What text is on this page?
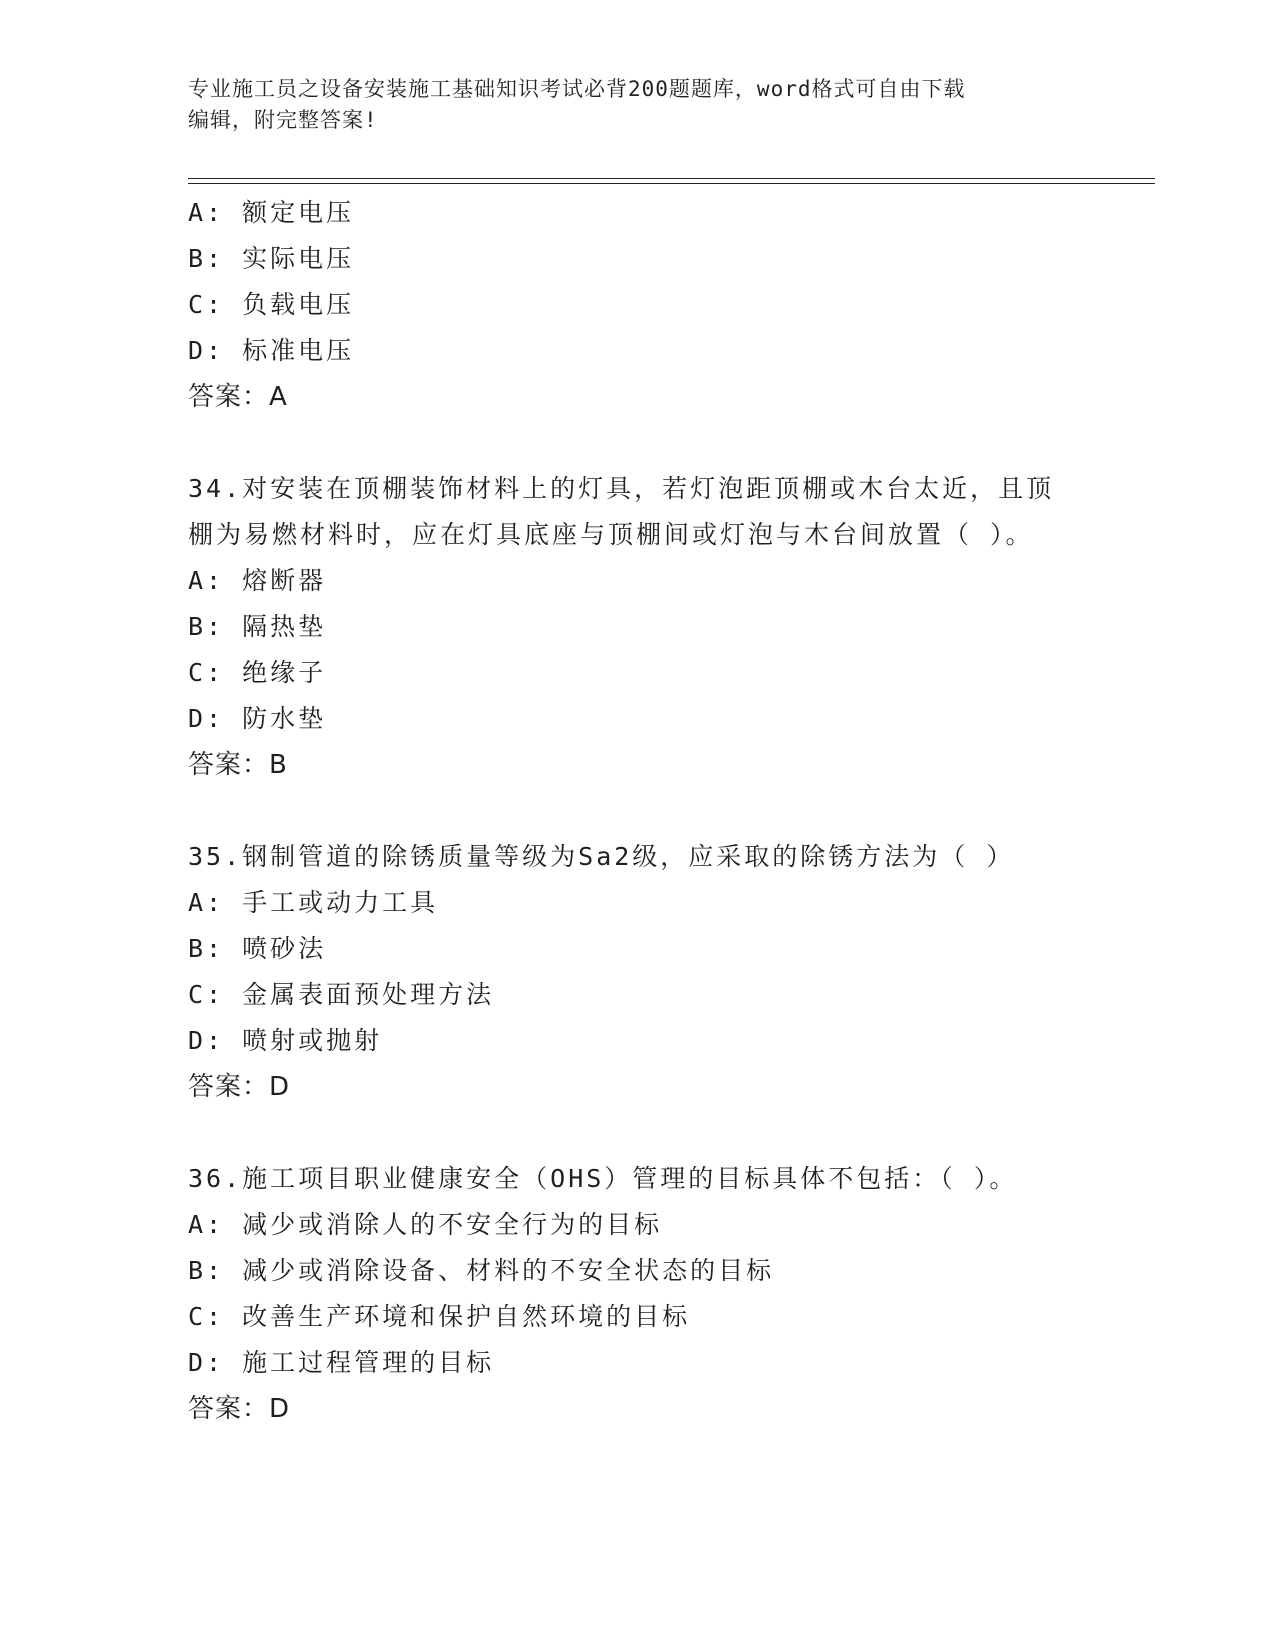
专业施工员之设备安装施工基础知识考试必背200题题库，word格式可自由下载
编辑，附完整答案!
A: 额定电压
B: 实际电压
C: 负载电压
D: 标准电压
答案：A
34.对安装在顶棚装饰材料上的灯具，若灯泡距顶棚或木台太近，且顶
棚为易燃材料时，应在灯具底座与顶棚间或灯泡与木台间放置（ ）。
A: 熔断器
B: 隔热垫
C: 绝缘子
D: 防水垫
答案：B
35.钢制管道的除锈质量等级为Sa2级，应采取的除锈方法为（ ）
A: 手工或动力工具
B: 喷砂法
C: 金属表面预处理方法
D: 喷射或抛射
答案：D
36.施工项目职业健康安全（OHS）管理的目标具体不包括：（ ）。
A: 减少或消除人的不安全行为的目标
B: 减少或消除设备、材料的不安全状态的目标
C: 改善生产环境和保护自然环境的目标
D: 施工过程管理的目标
答案：D
